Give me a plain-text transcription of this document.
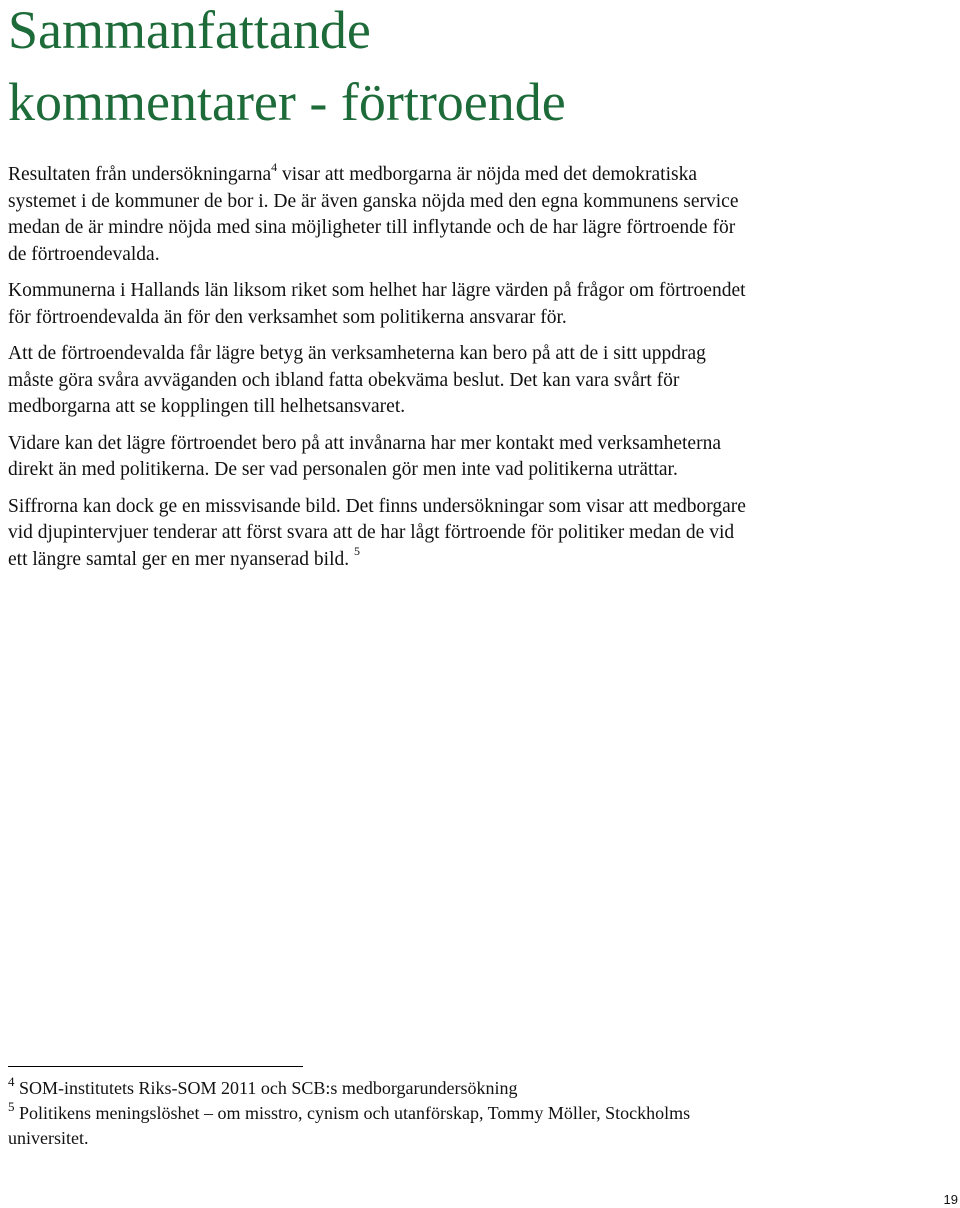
Sammanfattande
kommentarer - förtroende

Resultaten från undersökningarna$^4$ visar att medborgarna är nöjda med det demokratiska systemet i de kommuner de bor i. De är även ganska nöjda med den egna kommunens service medan de är mindre nöjda med sina möjligheter till inflytande och de har lägre förtroende för de förtroendevalda.

Kommunerna i Hallands län liksom riket som helhet har lägre värden på frågor om förtroendet för förtroendevalda än för den verksamhet som politikerna ansvarar för.

Att de förtroendevalda får lägre betyg än verksamheterna kan bero på att de i sitt uppdrag måste göra svåra avväganden och ibland fatta obekväma beslut. Det kan vara svårt för medborgarna att se kopplingen till helhetsansvaret.

Vidare kan det lägre förtroendet bero på att invånarna har mer kontakt med verksamheterna direkt än med politikerna. De ser vad personalen gör men inte vad politikerna uträttar.

Siffrorna kan dock ge en missvisande bild. Det finns undersökningar som visar att medborgare vid djupintervjuer tenderar att först svara att de har lågt förtroende för politiker medan de vid ett längre samtal ger en mer nyanserad bild. $^5$

$^4$ SOM-institutets Riks-SOM 2011 och SCB:s medborgarundersökning
$^5$ Politikens meningslöshet – om misstro, cynism och utanförskap, Tommy Möller, Stockholms universitet.
19
